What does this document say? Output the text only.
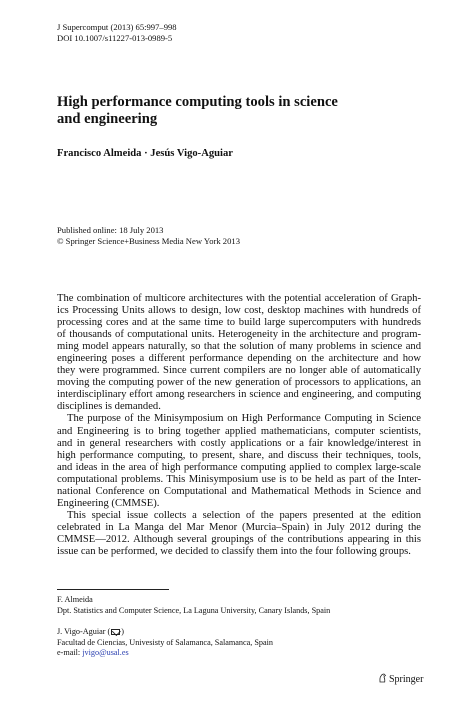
J Supercomput (2013) 65:997–998
DOI 10.1007/s11227-013-0989-5
High performance computing tools in science
and engineering
Francisco Almeida · Jesús Vigo-Aguiar
Published online: 18 July 2013
© Springer Science+Business Media New York 2013
The combination of multicore architectures with the potential acceleration of Graph-
ics Processing Units allows to design, low cost, desktop machines with hundreds of
processing cores and at the same time to build large supercomputers with hundreds
of thousands of computational units. Heterogeneity in the architecture and program-
ming model appears naturally, so that the solution of many problems in science and
engineering poses a different performance depending on the architecture and how
they were programmed. Since current compilers are no longer able of automatically
moving the computing power of the new generation of processors to applications, an
interdisciplinary effort among researchers in science and engineering, and computing
disciplines is demanded.
The purpose of the Minisymposium on High Performance Computing in Science
and Engineering is to bring together applied mathematicians, computer scientists,
and in general researchers with costly applications or a fair knowledge/interest in
high performance computing, to present, share, and discuss their techniques, tools,
and ideas in the area of high performance computing applied to complex large-scale
computational problems. This Minisymposium use is to be held as part of the Inter-
national Conference on Computational and Mathematical Methods in Science and
Engineering (CMMSE).
This special issue collects a selection of the papers presented at the edition
celebrated in La Manga del Mar Menor (Murcia–Spain) in July 2012 during the
CMMSE—2012. Although several groupings of the contributions appearing in this
issue can be performed, we decided to classify them into the four following groups.
F. Almeida
Dpt. Statistics and Computer Science, La Laguna University, Canary Islands, Spain
J. Vigo-Aguiar ( )
Facultad de Ciencias, Univesisty of Salamanca, Salamanca, Spain
e-mail: jvigo@usal.es
Springer
